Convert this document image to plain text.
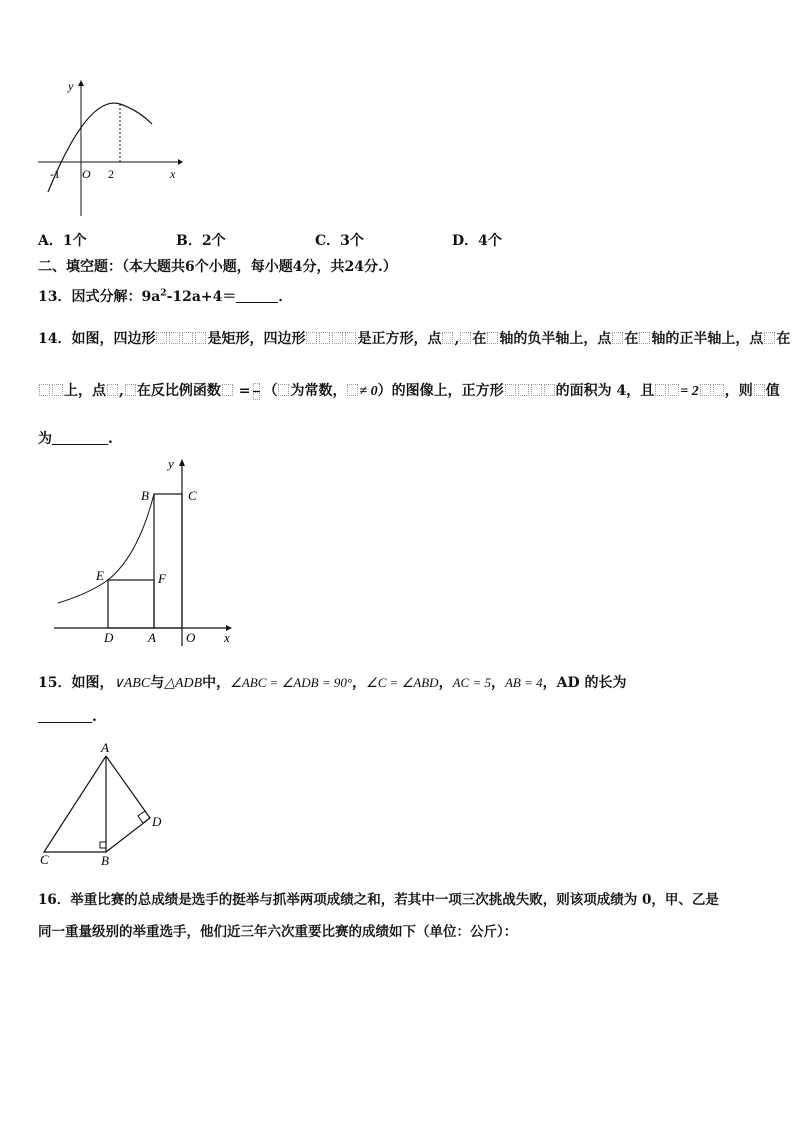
y
x
-1 O 2
A．1个	B．2个	C．3个	D．4个
二、填空题：（本大题共6个小题，每小题4分，共24分.）
13．因式分解：$9a^2-12a+4=$	．
14．如图，四边形	是矩形，四边形	是正方形，点 , 在 轴的负半轴上，点 在 轴的正半轴上，点 在
上，点 , 在反比例函数 = （ 为常数， ≠ 0）的图像上，正方形	的面积为 4，且 = 2 ，则 值
为	.
y
B	C
E	F
D	A O x
15．如图，∨ABC与△ADB中，∠ABC = ∠ADB = 90°，∠C = ∠ABD，AC = 5，AB = 4，AD 的长为
.
A
C	B
D
16．举重比赛的总成绩是选手的挺举与抓举两项成绩之和，若其中一项三次挑战失败，则该项成绩为 0，甲、乙是
同一重量级别的举重选手，他们近三年六次重要比赛的成绩如下（单位：公斤）：
